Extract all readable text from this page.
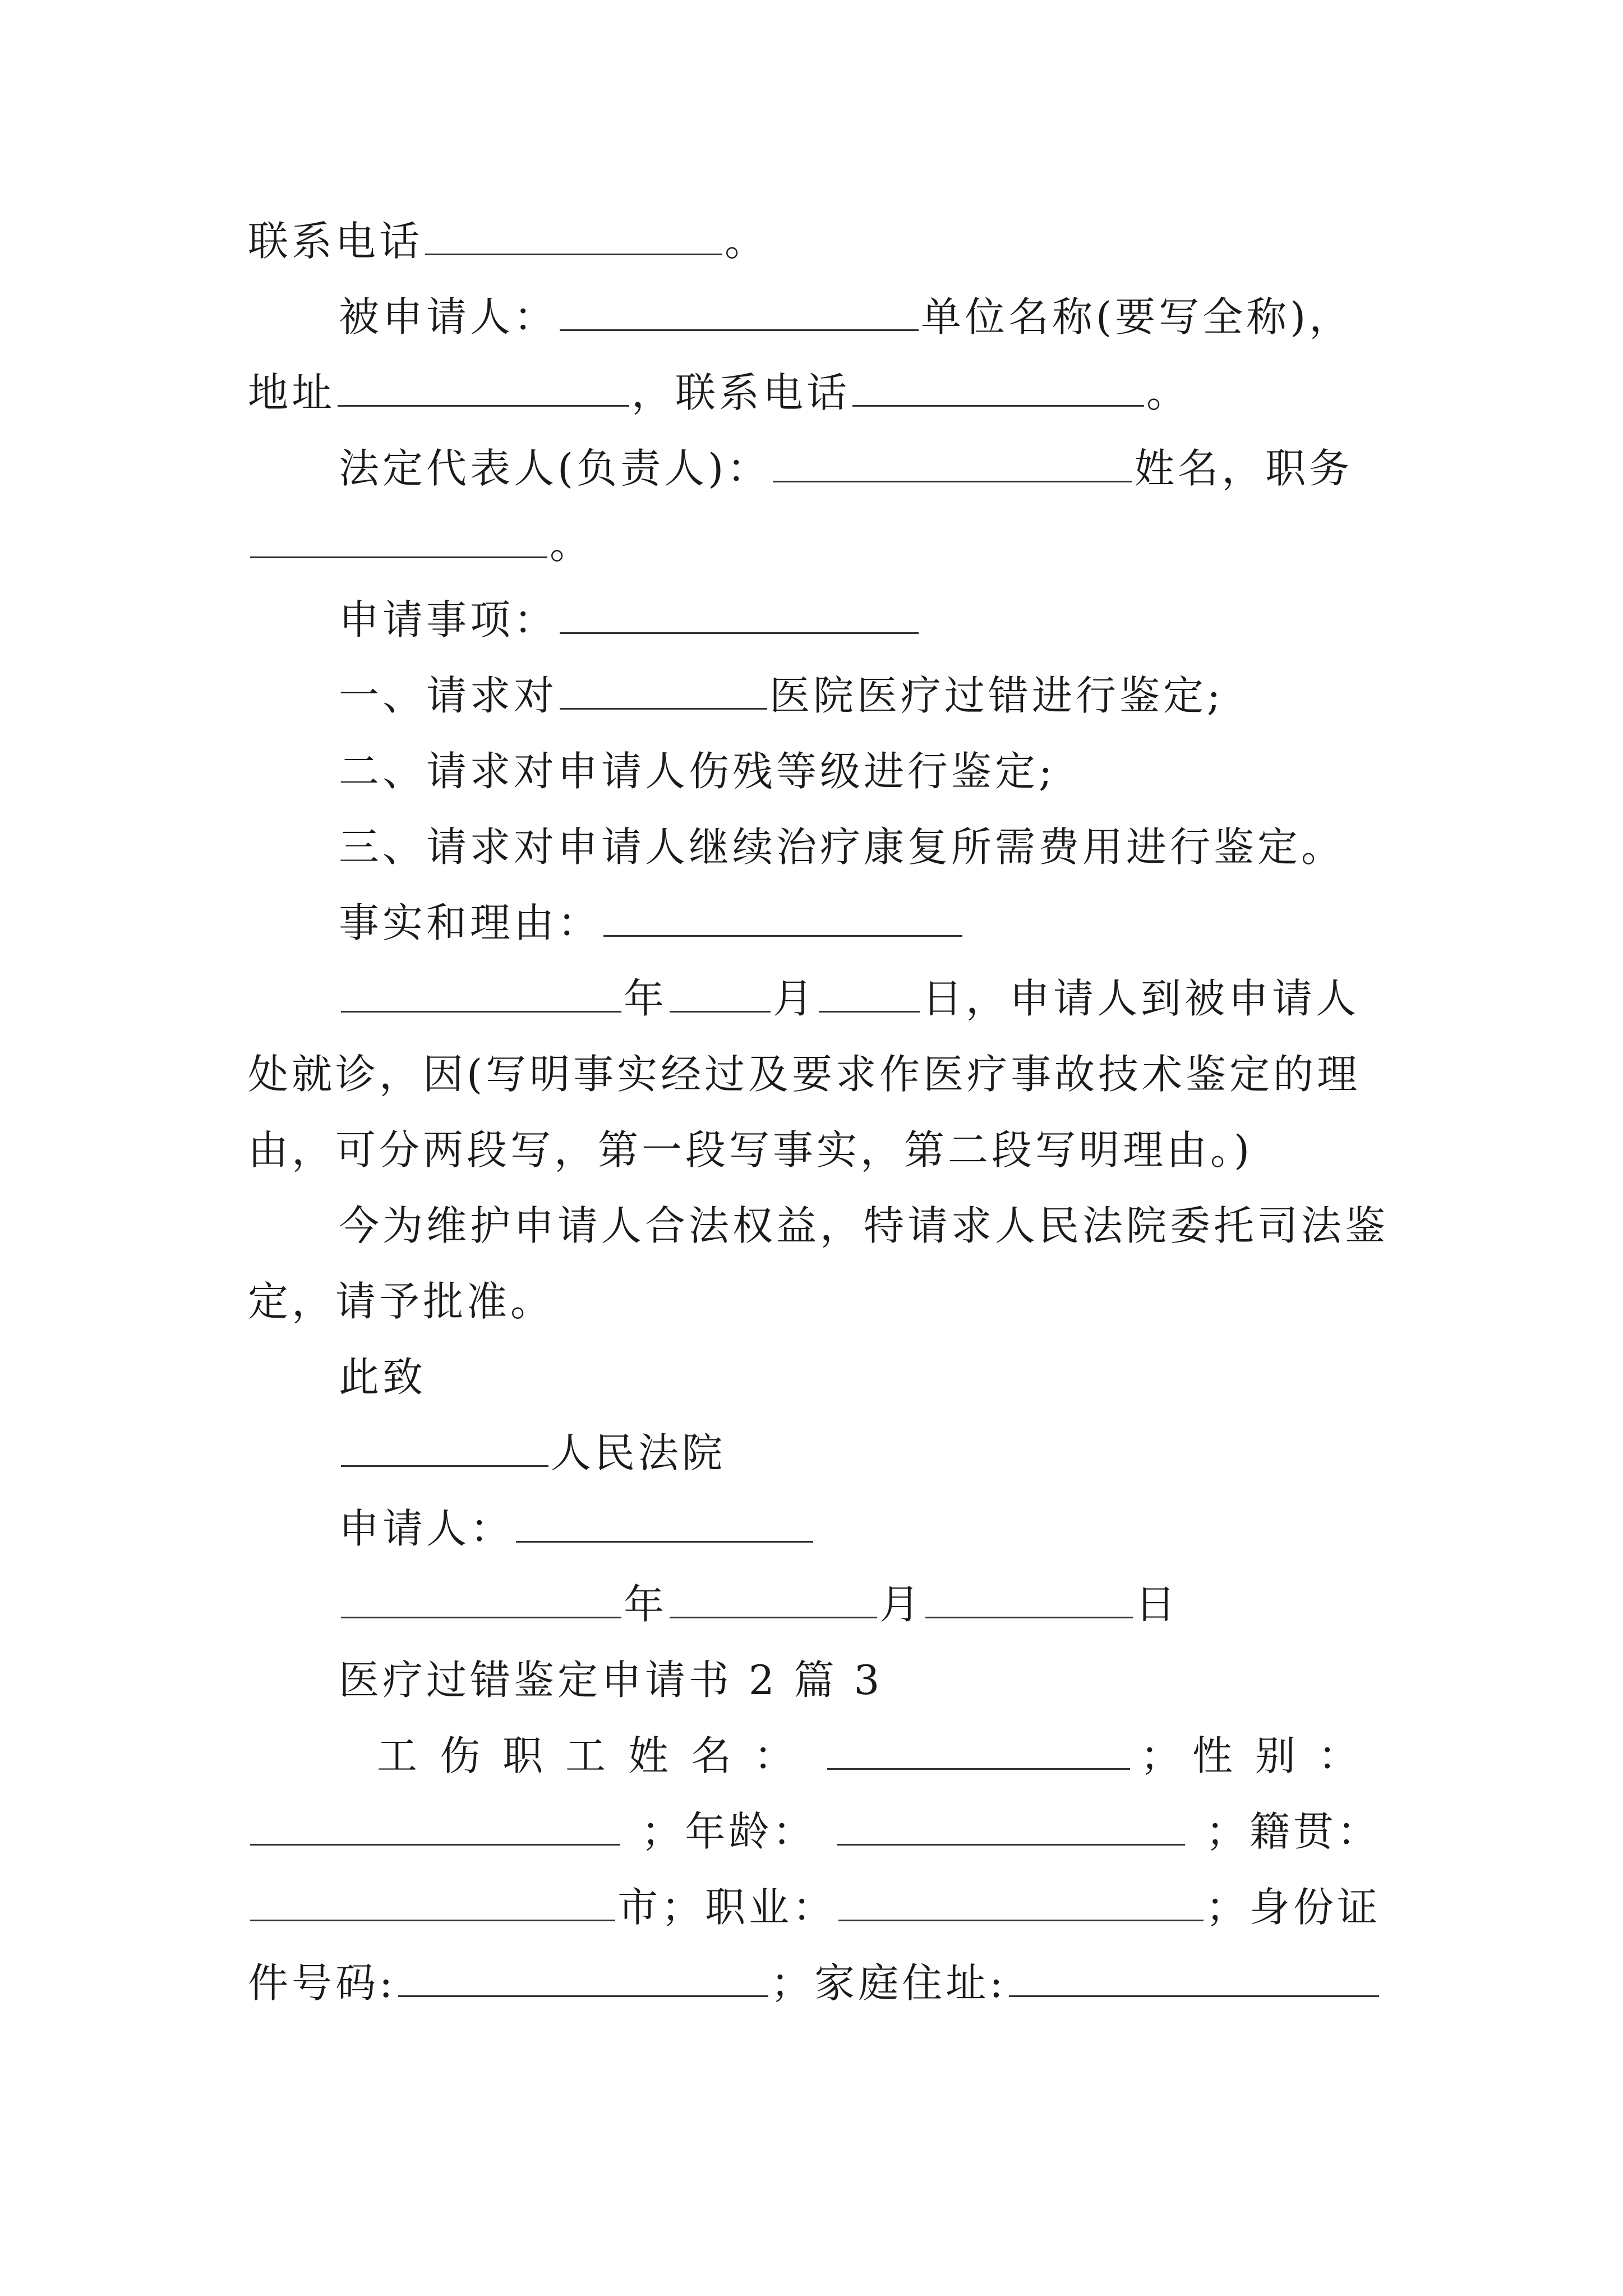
联系电话	。
被申请人：	单位名称(要写全称)，
地址	，联系电话	。
法定代表人(负责人)：	姓名，职务
。
申请事项：
一、请求对	医院医疗过错进行鉴定;
二、请求对申请人伤残等级进行鉴定;
三、请求对申请人继续治疗康复所需费用进行鉴定。
事实和理由：
年	月	日，申请人到被申请人
处就诊，因(写明事实经过及要求作医疗事故技术鉴定的理
由，可分两段写，第一段写事实，第二段写明理由。)
今为维护申请人合法权益，特请求人民法院委托司法鉴
定，请予批准。
此致
人民法院
申请人：
年	月	日
医疗过错鉴定申请书 2 篇 3
工伤职工姓名：	； 性别：
；年龄：	；籍贯：
市；职业：	；身份证
件号码:	；家庭住址:
